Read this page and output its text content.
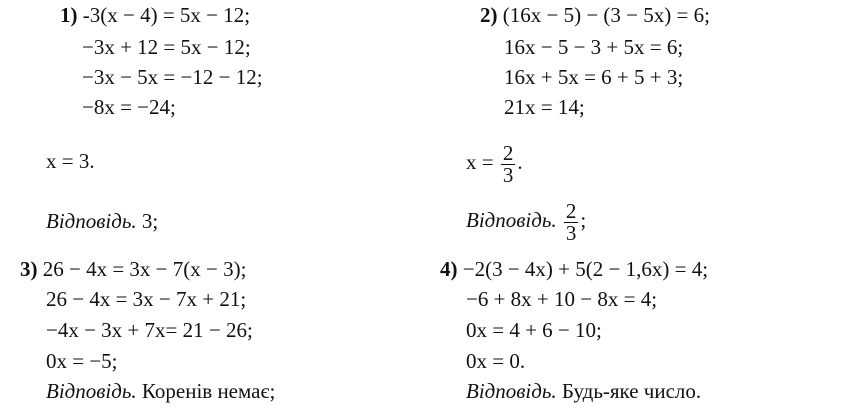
1) -3(x − 4) = 5x − 12;
−3x + 12 = 5x − 12;
−3x − 5x = −12 − 12;
−8x = −24;
x = 3.
Відповідь. 3;
2) (16x − 5) − (3 − 5x) = 6;
16x − 5 − 3 + 5x = 6;
16x + 5x = 6 + 5 + 3;
21x = 14;
$x = \frac{2}{3}$ .
Відповідь. $\frac{2}{3}$ ;
3) 26 − 4x = 3x − 7(x − 3);
26 − 4x = 3x − 7x + 21;
−4x − 3x + 7x= 21 − 26;
0x = −5;
Відповідь. Коренів немає;
4) −2(3 − 4x) + 5(2 − 1,6x) = 4;
−6 + 8x + 10 − 8x = 4;
0x = 4 + 6 − 10;
0x = 0.
Відповідь. Будь-яке число.
